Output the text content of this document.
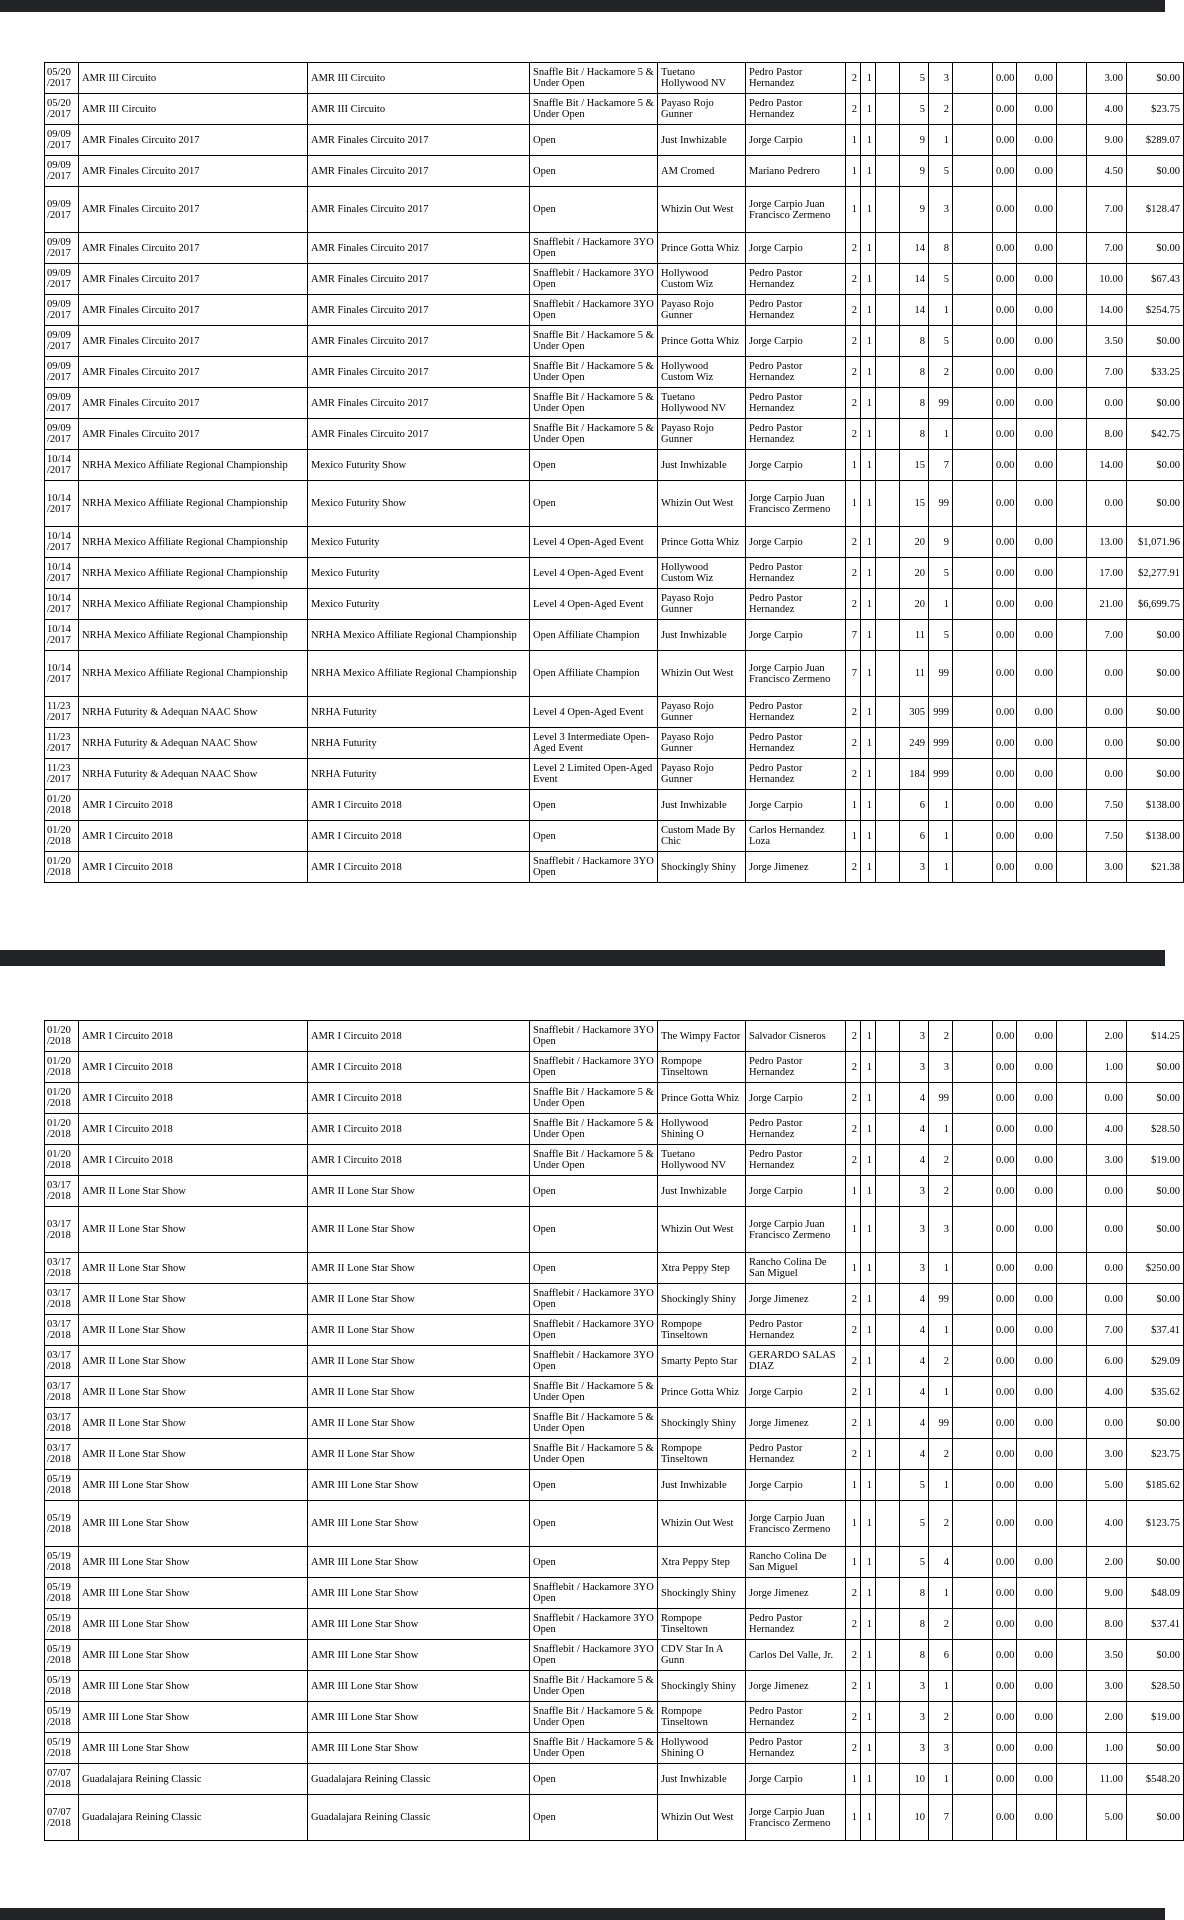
05/20 /2017	AMR III Circuito	AMR III Circuito	Snaffle Bit / Hackamore 5 & Under Open	Tuetano Hollywood NV	Pedro Pastor Hernandez	2	1		5	3		0.00	0.00		3.00	$0.00
05/20 /2017	AMR III Circuito	AMR III Circuito	Snaffle Bit / Hackamore 5 & Under Open	Payaso Rojo Gunner	Pedro Pastor Hernandez	2	1		5	2		0.00	0.00		4.00	$23.75
09/09 /2017	AMR Finales Circuito 2017	AMR Finales Circuito 2017	Open	Just Inwhizable	Jorge Carpio	1	1		9	1		0.00	0.00		9.00	$289.07
09/09 /2017	AMR Finales Circuito 2017	AMR Finales Circuito 2017	Open	AM Cromed	Mariano Pedrero	1	1		9	5		0.00	0.00		4.50	$0.00
09/09 /2017	AMR Finales Circuito 2017	AMR Finales Circuito 2017	Open	Whizin Out West	Jorge Carpio Juan Francisco Zermeno	1	1		9	3		0.00	0.00		7.00	$128.47
09/09 /2017	AMR Finales Circuito 2017	AMR Finales Circuito 2017	Snafflebit / Hackamore 3YO Open	Prince Gotta Whiz	Jorge Carpio	2	1		14	8		0.00	0.00		7.00	$0.00
09/09 /2017	AMR Finales Circuito 2017	AMR Finales Circuito 2017	Snafflebit / Hackamore 3YO Open	Hollywood Custom Wiz	Pedro Pastor Hernandez	2	1		14	5		0.00	0.00		10.00	$67.43
09/09 /2017	AMR Finales Circuito 2017	AMR Finales Circuito 2017	Snafflebit / Hackamore 3YO Open	Payaso Rojo Gunner	Pedro Pastor Hernandez	2	1		14	1		0.00	0.00		14.00	$254.75
09/09 /2017	AMR Finales Circuito 2017	AMR Finales Circuito 2017	Snaffle Bit / Hackamore 5 & Under Open	Prince Gotta Whiz	Jorge Carpio	2	1		8	5		0.00	0.00		3.50	$0.00
09/09 /2017	AMR Finales Circuito 2017	AMR Finales Circuito 2017	Snaffle Bit / Hackamore 5 & Under Open	Hollywood Custom Wiz	Pedro Pastor Hernandez	2	1		8	2		0.00	0.00		7.00	$33.25
09/09 /2017	AMR Finales Circuito 2017	AMR Finales Circuito 2017	Snaffle Bit / Hackamore 5 & Under Open	Tuetano Hollywood NV	Pedro Pastor Hernandez	2	1		8	99		0.00	0.00		0.00	$0.00
09/09 /2017	AMR Finales Circuito 2017	AMR Finales Circuito 2017	Snaffle Bit / Hackamore 5 & Under Open	Payaso Rojo Gunner	Pedro Pastor Hernandez	2	1		8	1		0.00	0.00		8.00	$42.75
10/14 /2017	NRHA Mexico Affiliate Regional Championship	Mexico Futurity Show	Open	Just Inwhizable	Jorge Carpio	1	1		15	7		0.00	0.00		14.00	$0.00
10/14 /2017	NRHA Mexico Affiliate Regional Championship	Mexico Futurity Show	Open	Whizin Out West	Jorge Carpio Juan Francisco Zermeno	1	1		15	99		0.00	0.00		0.00	$0.00
10/14 /2017	NRHA Mexico Affiliate Regional Championship	Mexico Futurity	Level 4 Open-Aged Event	Prince Gotta Whiz	Jorge Carpio	2	1		20	9		0.00	0.00		13.00	$1,071.96
10/14 /2017	NRHA Mexico Affiliate Regional Championship	Mexico Futurity	Level 4 Open-Aged Event	Hollywood Custom Wiz	Pedro Pastor Hernandez	2	1		20	5		0.00	0.00		17.00	$2,277.91
10/14 /2017	NRHA Mexico Affiliate Regional Championship	Mexico Futurity	Level 4 Open-Aged Event	Payaso Rojo Gunner	Pedro Pastor Hernandez	2	1		20	1		0.00	0.00		21.00	$6,699.75
10/14 /2017	NRHA Mexico Affiliate Regional Championship	NRHA Mexico Affiliate Regional Championship	Open Affiliate Champion	Just Inwhizable	Jorge Carpio	7	1		11	5		0.00	0.00		7.00	$0.00
10/14 /2017	NRHA Mexico Affiliate Regional Championship	NRHA Mexico Affiliate Regional Championship	Open Affiliate Champion	Whizin Out West	Jorge Carpio Juan Francisco Zermeno	7	1		11	99		0.00	0.00		0.00	$0.00
11/23 /2017	NRHA Futurity & Adequan NAAC Show	NRHA Futurity	Level 4 Open-Aged Event	Payaso Rojo Gunner	Pedro Pastor Hernandez	2	1		305	999		0.00	0.00		0.00	$0.00
11/23 /2017	NRHA Futurity & Adequan NAAC Show	NRHA Futurity	Level 3 Intermediate Open-Aged Event	Payaso Rojo Gunner	Pedro Pastor Hernandez	2	1		249	999		0.00	0.00		0.00	$0.00
11/23 /2017	NRHA Futurity & Adequan NAAC Show	NRHA Futurity	Level 2 Limited Open-Aged Event	Payaso Rojo Gunner	Pedro Pastor Hernandez	2	1		184	999		0.00	0.00		0.00	$0.00
01/20 /2018	AMR I Circuito 2018	AMR I Circuito 2018	Open	Just Inwhizable	Jorge Carpio	1	1		6	1		0.00	0.00		7.50	$138.00
01/20 /2018	AMR I Circuito 2018	AMR I Circuito 2018	Open	Custom Made By Chic	Carlos Hernandez Loza	1	1		6	1		0.00	0.00		7.50	$138.00
01/20 /2018	AMR I Circuito 2018	AMR I Circuito 2018	Snafflebit / Hackamore 3YO Open	Shockingly Shiny	Jorge Jimenez	2	1		3	1		0.00	0.00		3.00	$21.38
01/20 /2018	AMR I Circuito 2018	AMR I Circuito 2018	Snafflebit / Hackamore 3YO Open	The Wimpy Factor	Salvador Cisneros	2	1		3	2		0.00	0.00		2.00	$14.25
01/20 /2018	AMR I Circuito 2018	AMR I Circuito 2018	Snafflebit / Hackamore 3YO Open	Rompope Tinseltown	Pedro Pastor Hernandez	2	1		3	3		0.00	0.00		1.00	$0.00
01/20 /2018	AMR I Circuito 2018	AMR I Circuito 2018	Snaffle Bit / Hackamore 5 & Under Open	Prince Gotta Whiz	Jorge Carpio	2	1		4	99		0.00	0.00		0.00	$0.00
01/20 /2018	AMR I Circuito 2018	AMR I Circuito 2018	Snaffle Bit / Hackamore 5 & Under Open	Hollywood Shining O	Pedro Pastor Hernandez	2	1		4	1		0.00	0.00		4.00	$28.50
01/20 /2018	AMR I Circuito 2018	AMR I Circuito 2018	Snaffle Bit / Hackamore 5 & Under Open	Tuetano Hollywood NV	Pedro Pastor Hernandez	2	1		4	2		0.00	0.00		3.00	$19.00
03/17 /2018	AMR II Lone Star Show	AMR II Lone Star Show	Open	Just Inwhizable	Jorge Carpio	1	1		3	2		0.00	0.00		0.00	$0.00
03/17 /2018	AMR II Lone Star Show	AMR II Lone Star Show	Open	Whizin Out West	Jorge Carpio Juan Francisco Zermeno	1	1		3	3		0.00	0.00		0.00	$0.00
03/17 /2018	AMR II Lone Star Show	AMR II Lone Star Show	Open	Xtra Peppy Step	Rancho Colina De San Miguel	1	1		3	1		0.00	0.00		0.00	$250.00
03/17 /2018	AMR II Lone Star Show	AMR II Lone Star Show	Snafflebit / Hackamore 3YO Open	Shockingly Shiny	Jorge Jimenez	2	1		4	99		0.00	0.00		0.00	$0.00
03/17 /2018	AMR II Lone Star Show	AMR II Lone Star Show	Snafflebit / Hackamore 3YO Open	Rompope Tinseltown	Pedro Pastor Hernandez	2	1		4	1		0.00	0.00		7.00	$37.41
03/17 /2018	AMR II Lone Star Show	AMR II Lone Star Show	Snafflebit / Hackamore 3YO Open	Smarty Pepto Star	GERARDO SALAS DIAZ	2	1		4	2		0.00	0.00		6.00	$29.09
03/17 /2018	AMR II Lone Star Show	AMR II Lone Star Show	Snaffle Bit / Hackamore 5 & Under Open	Prince Gotta Whiz	Jorge Carpio	2	1		4	1		0.00	0.00		4.00	$35.62
03/17 /2018	AMR II Lone Star Show	AMR II Lone Star Show	Snaffle Bit / Hackamore 5 & Under Open	Shockingly Shiny	Jorge Jimenez	2	1		4	99		0.00	0.00		0.00	$0.00
03/17 /2018	AMR II Lone Star Show	AMR II Lone Star Show	Snaffle Bit / Hackamore 5 & Under Open	Rompope Tinseltown	Pedro Pastor Hernandez	2	1		4	2		0.00	0.00		3.00	$23.75
05/19 /2018	AMR III Lone Star Show	AMR III Lone Star Show	Open	Just Inwhizable	Jorge Carpio	1	1		5	1		0.00	0.00		5.00	$185.62
05/19 /2018	AMR III Lone Star Show	AMR III Lone Star Show	Open	Whizin Out West	Jorge Carpio Juan Francisco Zermeno	1	1		5	2		0.00	0.00		4.00	$123.75
05/19 /2018	AMR III Lone Star Show	AMR III Lone Star Show	Open	Xtra Peppy Step	Rancho Colina De San Miguel	1	1		5	4		0.00	0.00		2.00	$0.00
05/19 /2018	AMR III Lone Star Show	AMR III Lone Star Show	Snafflebit / Hackamore 3YO Open	Shockingly Shiny	Jorge Jimenez	2	1		8	1		0.00	0.00		9.00	$48.09
05/19 /2018	AMR III Lone Star Show	AMR III Lone Star Show	Snafflebit / Hackamore 3YO Open	Rompope Tinseltown	Pedro Pastor Hernandez	2	1		8	2		0.00	0.00		8.00	$37.41
05/19 /2018	AMR III Lone Star Show	AMR III Lone Star Show	Snafflebit / Hackamore 3YO Open	CDV Star In A Gunn	Carlos Del Valle, Jr.	2	1		8	6		0.00	0.00		3.50	$0.00
05/19 /2018	AMR III Lone Star Show	AMR III Lone Star Show	Snaffle Bit / Hackamore 5 & Under Open	Shockingly Shiny	Jorge Jimenez	2	1		3	1		0.00	0.00		3.00	$28.50
05/19 /2018	AMR III Lone Star Show	AMR III Lone Star Show	Snaffle Bit / Hackamore 5 & Under Open	Rompope Tinseltown	Pedro Pastor Hernandez	2	1		3	2		0.00	0.00		2.00	$19.00
05/19 /2018	AMR III Lone Star Show	AMR III Lone Star Show	Snaffle Bit / Hackamore 5 & Under Open	Hollywood Shining O	Pedro Pastor Hernandez	2	1		3	3		0.00	0.00		1.00	$0.00
07/07 /2018	Guadalajara Reining Classic	Guadalajara Reining Classic	Open	Just Inwhizable	Jorge Carpio	1	1		10	1		0.00	0.00		11.00	$548.20
07/07 /2018	Guadalajara Reining Classic	Guadalajara Reining Classic	Open	Whizin Out West	Jorge Carpio Juan Francisco Zermeno	1	1		10	7		0.00	0.00		5.00	$0.00
